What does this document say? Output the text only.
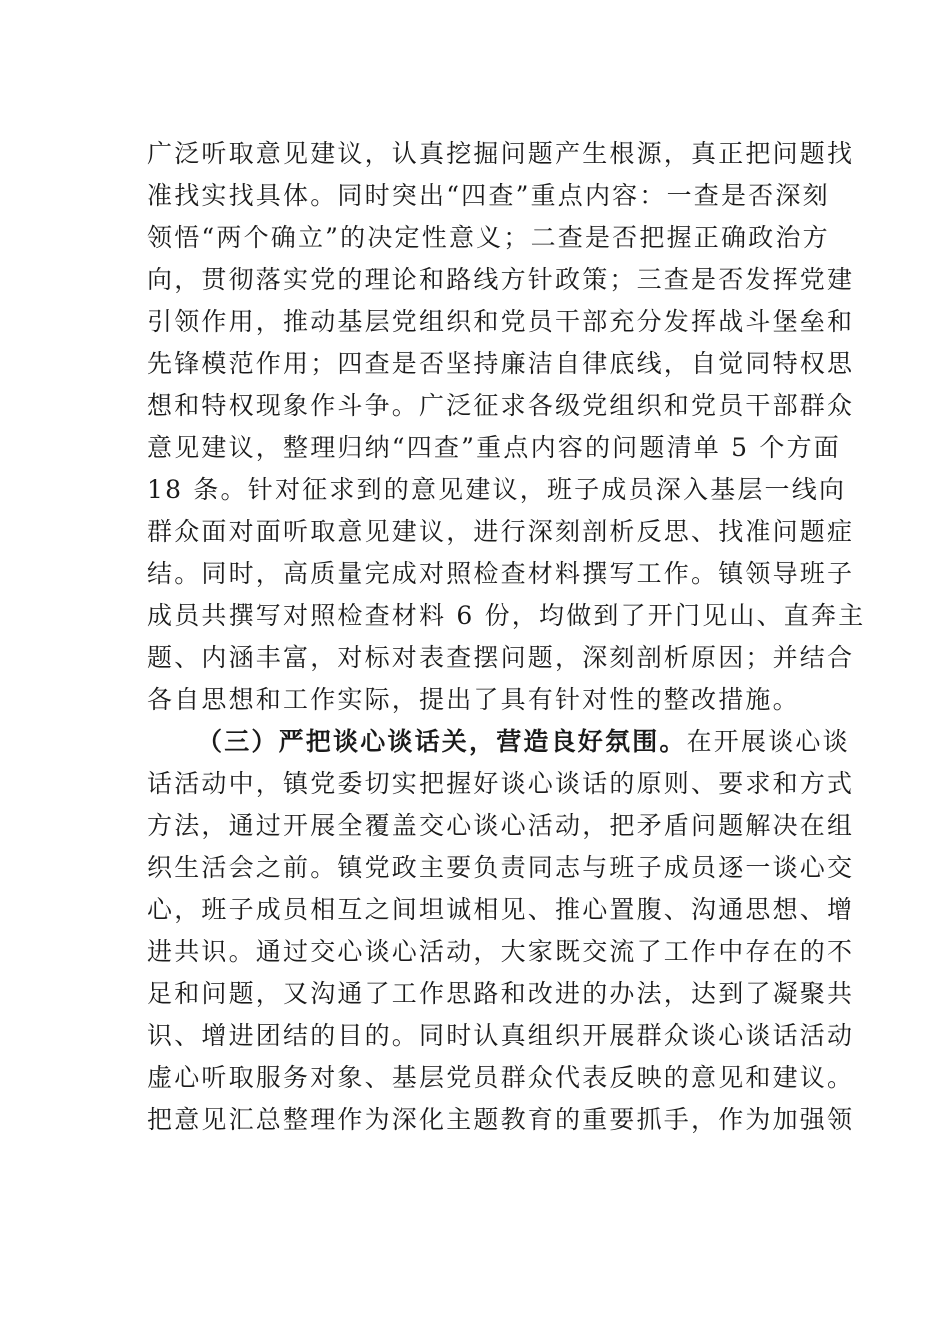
广泛听取意见建议，认真挖掘问题产生根源，真正把问题找
准找实找具体。同时突出“四查”重点内容：一查是否深刻
领悟“两个确立”的决定性意义；二查是否把握正确政治方
向，贯彻落实党的理论和路线方针政策；三查是否发挥党建
引领作用，推动基层党组织和党员干部充分发挥战斗堡垒和
先锋模范作用；四查是否坚持廉洁自律底线，自觉同特权思
想和特权现象作斗争。广泛征求各级党组织和党员干部群众
意见建议，整理归纳“四查”重点内容的问题清单 5 个方面
18 条。针对征求到的意见建议，班子成员深入基层一线向
群众面对面听取意见建议，进行深刻剖析反思、找准问题症
结。同时，高质量完成对照检查材料撰写工作。镇领导班子
成员共撰写对照检查材料 6 份，均做到了开门见山、直奔主
题、内涵丰富，对标对表查摆问题，深刻剖析原因；并结合
各自思想和工作实际，提出了具有针对性的整改措施。
（三）严把谈心谈话关，营造良好氛围。在开展谈心谈
话活动中，镇党委切实把握好谈心谈话的原则、要求和方式
方法，通过开展全覆盖交心谈心活动，把矛盾问题解决在组
织生活会之前。镇党政主要负责同志与班子成员逐一谈心交
心，班子成员相互之间坦诚相见、推心置腹、沟通思想、增
进共识。通过交心谈心活动，大家既交流了工作中存在的不
足和问题，又沟通了工作思路和改进的办法，达到了凝聚共
识、增进团结的目的。同时认真组织开展群众谈心谈话活动
虚心听取服务对象、基层党员群众代表反映的意见和建议。
把意见汇总整理作为深化主题教育的重要抓手，作为加强领
